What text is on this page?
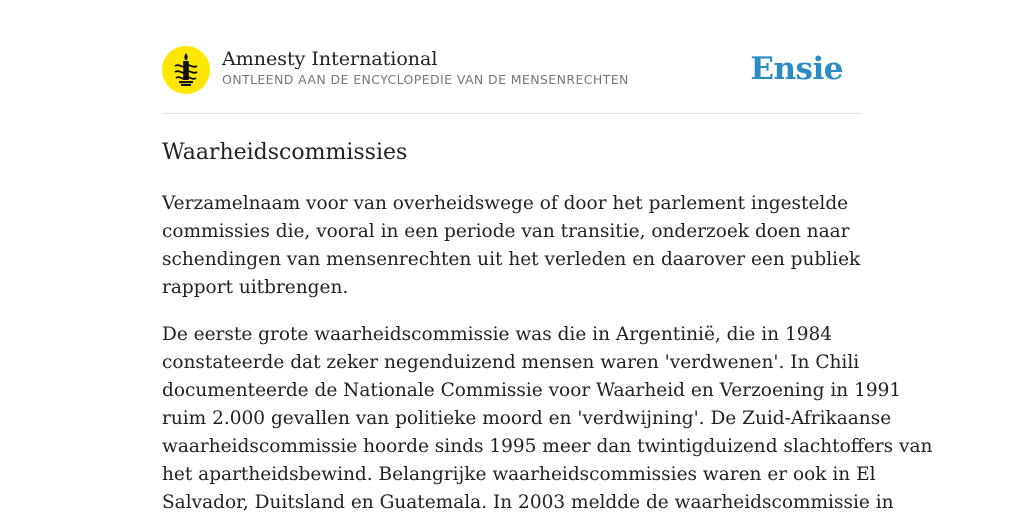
Amnesty International
ONTLEEND AAN DE ENCYCLOPEDIE VAN DE MENSENRECHTEN	Ensie
Waarheidscommissies

Verzamelnaam voor van overheidswege of door het parlement ingestelde
commissies die, vooral in een periode van transitie, onderzoek doen naar
schendingen van mensenrechten uit het verleden en daarover een publiek
rapport uitbrengen.

De eerste grote waarheidscommissie was die in Argentinië, die in 1984
constateerde dat zeker negenduizend mensen waren 'verdwenen'. In Chili
documenteerde de Nationale Commissie voor Waarheid en Verzoening in 1991
ruim 2.000 gevallen van politieke moord en 'verdwijning'. De Zuid-Afrikaanse
waarheidscommissie hoorde sinds 1995 meer dan twintigduizend slachtoffers van
het apartheidsbewind. Belangrijke waarheidscommissies waren er ook in El
Salvador, Duitsland en Guatemala. In 2003 meldde de waarheidscommissie in
